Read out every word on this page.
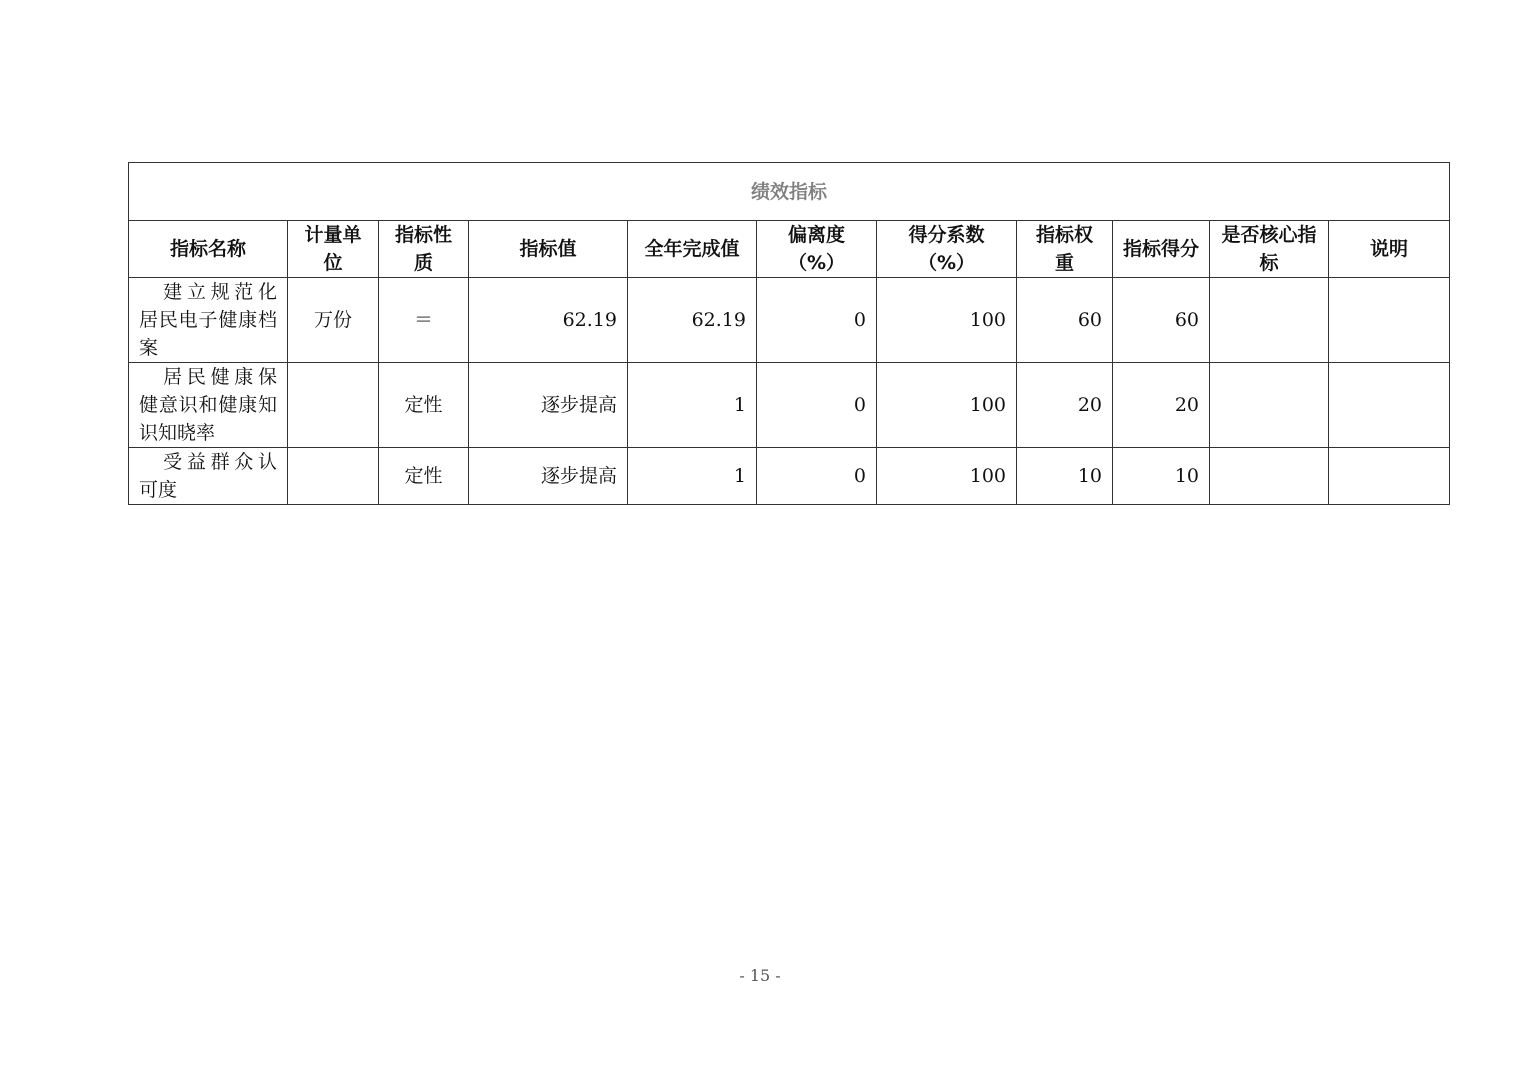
绩效指标										
指标名称	计量单位	指标性质	指标值	全年完成值	偏离度（%）	得分系数（%）	指标权重	指标得分	是否核心指标	说明
建立规范化居民电子健康档案	万份	＝	62.19	62.19	0	100	60	60		
居民健康保健意识和健康知识知晓率		定性	逐步提高	1	0	100	20	20		
受益群众认可度		定性	逐步提高	1	0	100	10	10		
- 15 -
